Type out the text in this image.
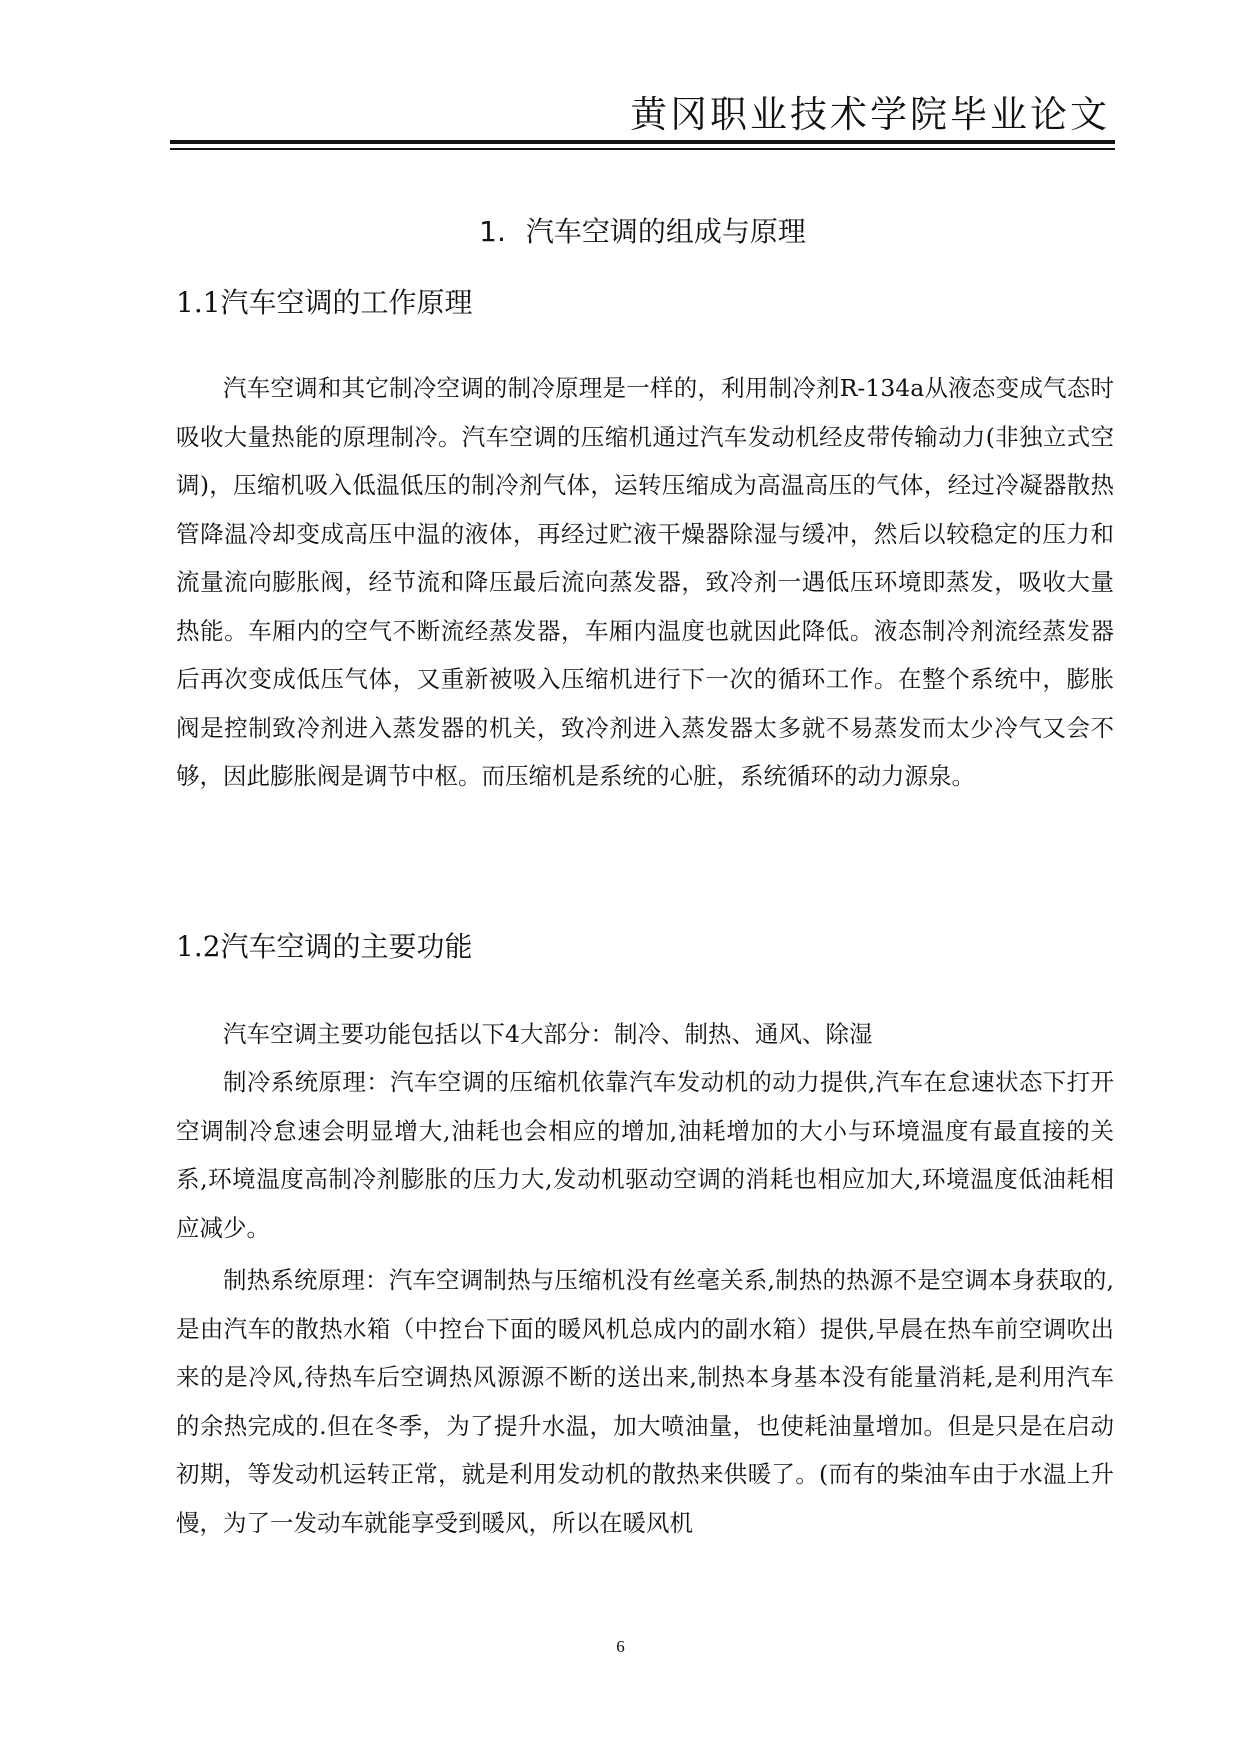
黄冈职业技术学院毕业论文
1. 汽车空调的组成与原理
1.1汽车空调的工作原理

汽车空调和其它制冷空调的制冷原理是一样的，利用制冷剂R-134a从液态变成气态时吸收大量热能的原理制冷。汽车空调的压缩机通过汽车发动机经皮带传输动力(非独立式空调)，压缩机吸入低温低压的制冷剂气体，运转压缩成为高温高压的气体，经过冷凝器散热管降温冷却变成高压中温的液体，再经过贮液干燥器除湿与缓冲，然后以较稳定的压力和流量流向膨胀阀，经节流和降压最后流向蒸发器，致冷剂一遇低压环境即蒸发，吸收大量热能。车厢内的空气不断流经蒸发器，车厢内温度也就因此降低。液态制冷剂流经蒸发器后再次变成低压气体，又重新被吸入压缩机进行下一次的循环工作。在整个系统中，膨胀阀是控制致冷剂进入蒸发器的机关，致冷剂进入蒸发器太多就不易蒸发而太少冷气又会不够，因此膨胀阀是调节中枢。而压缩机是系统的心脏，系统循环的动力源泉。

1.2汽车空调的主要功能

汽车空调主要功能包括以下4大部分：制冷、制热、通风、除湿

制冷系统原理：汽车空调的压缩机依靠汽车发动机的动力提供,汽车在怠速状态下打开空调制冷怠速会明显增大,油耗也会相应的增加,油耗增加的大小与环境温度有最直接的关系,环境温度高制冷剂膨胀的压力大,发动机驱动空调的消耗也相应加大,环境温度低油耗相应减少。

制热系统原理：汽车空调制热与压缩机没有丝毫关系,制热的热源不是空调本身获取的,是由汽车的散热水箱（中控台下面的暖风机总成内的副水箱）提供,早晨在热车前空调吹出来的是冷风,待热车后空调热风源源不断的送出来,制热本身基本没有能量消耗,是利用汽车的余热完成的.但在冬季，为了提升水温，加大喷油量，也使耗油量增加。但是只是在启动初期，等发动机运转正常，就是利用发动机的散热来供暖了。(而有的柴油车由于水温上升慢，为了一发动车就能享受到暖风，所以在暖风机

6
